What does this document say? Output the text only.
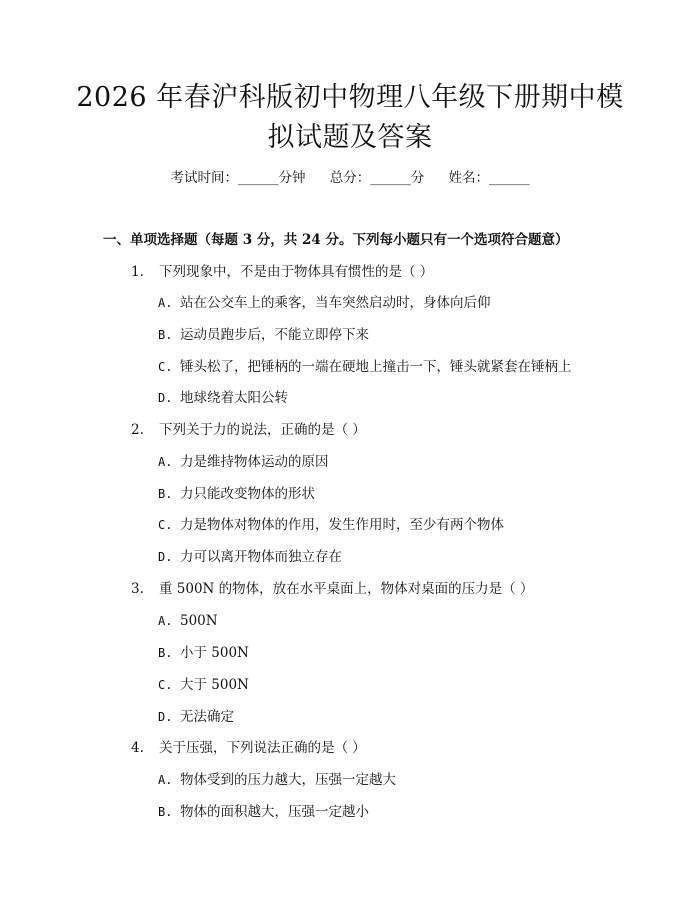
2026 年春沪科版初中物理八年级下册期中模
拟试题及答案
考试时间：______分钟 总分：______分 姓名：______
一、单项选择题（每题 3 分，共 24 分。下列每小题只有一个选项符合题意）
1. 下列现象中，不是由于物体具有惯性的是（ ）
A. 站在公交车上的乘客，当车突然启动时，身体向后仰
B. 运动员跑步后，不能立即停下来
C. 锤头松了，把锤柄的一端在硬地上撞击一下，锤头就紧套在锤柄上
D. 地球绕着太阳公转
2. 下列关于力的说法，正确的是（ ）
A. 力是维持物体运动的原因
B. 力只能改变物体的形状
C. 力是物体对物体的作用，发生作用时，至少有两个物体
D. 力可以离开物体而独立存在
3. 重 500N 的物体，放在水平桌面上，物体对桌面的压力是（ ）
A. 500N
B. 小于 500N
C. 大于 500N
D. 无法确定
4. 关于压强，下列说法正确的是（ ）
A. 物体受到的压力越大，压强一定越大
B. 物体的面积越大，压强一定越小
